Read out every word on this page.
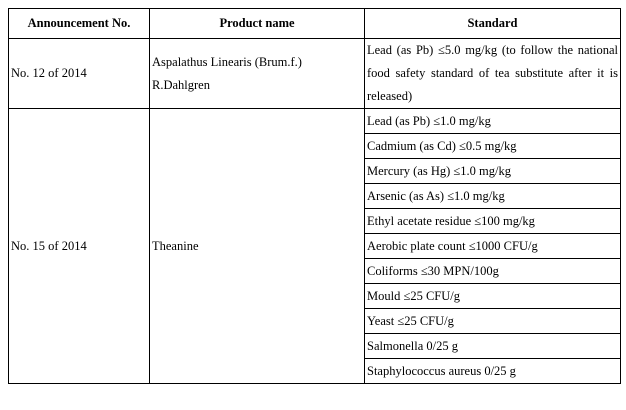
Announcement No.	Product name	Standard
No. 12 of 2014	Aspalathus Linearis (Brum.f.) R.Dahlgren	Lead (as Pb) ≤5.0 mg/kg (to follow the national food safety standard of tea substitute after it is released)
No. 15 of 2014	Theanine	Lead (as Pb) ≤1.0 mg/kg
		Cadmium (as Cd) ≤0.5 mg/kg
		Mercury (as Hg) ≤1.0 mg/kg
		Arsenic (as As) ≤1.0 mg/kg
		Ethyl acetate residue ≤100 mg/kg
		Aerobic plate count ≤1000 CFU/g
		Coliforms ≤30 MPN/100g
		Mould ≤25 CFU/g
		Yeast ≤25 CFU/g
		Salmonella 0/25 g
		Staphylococcus aureus 0/25 g
